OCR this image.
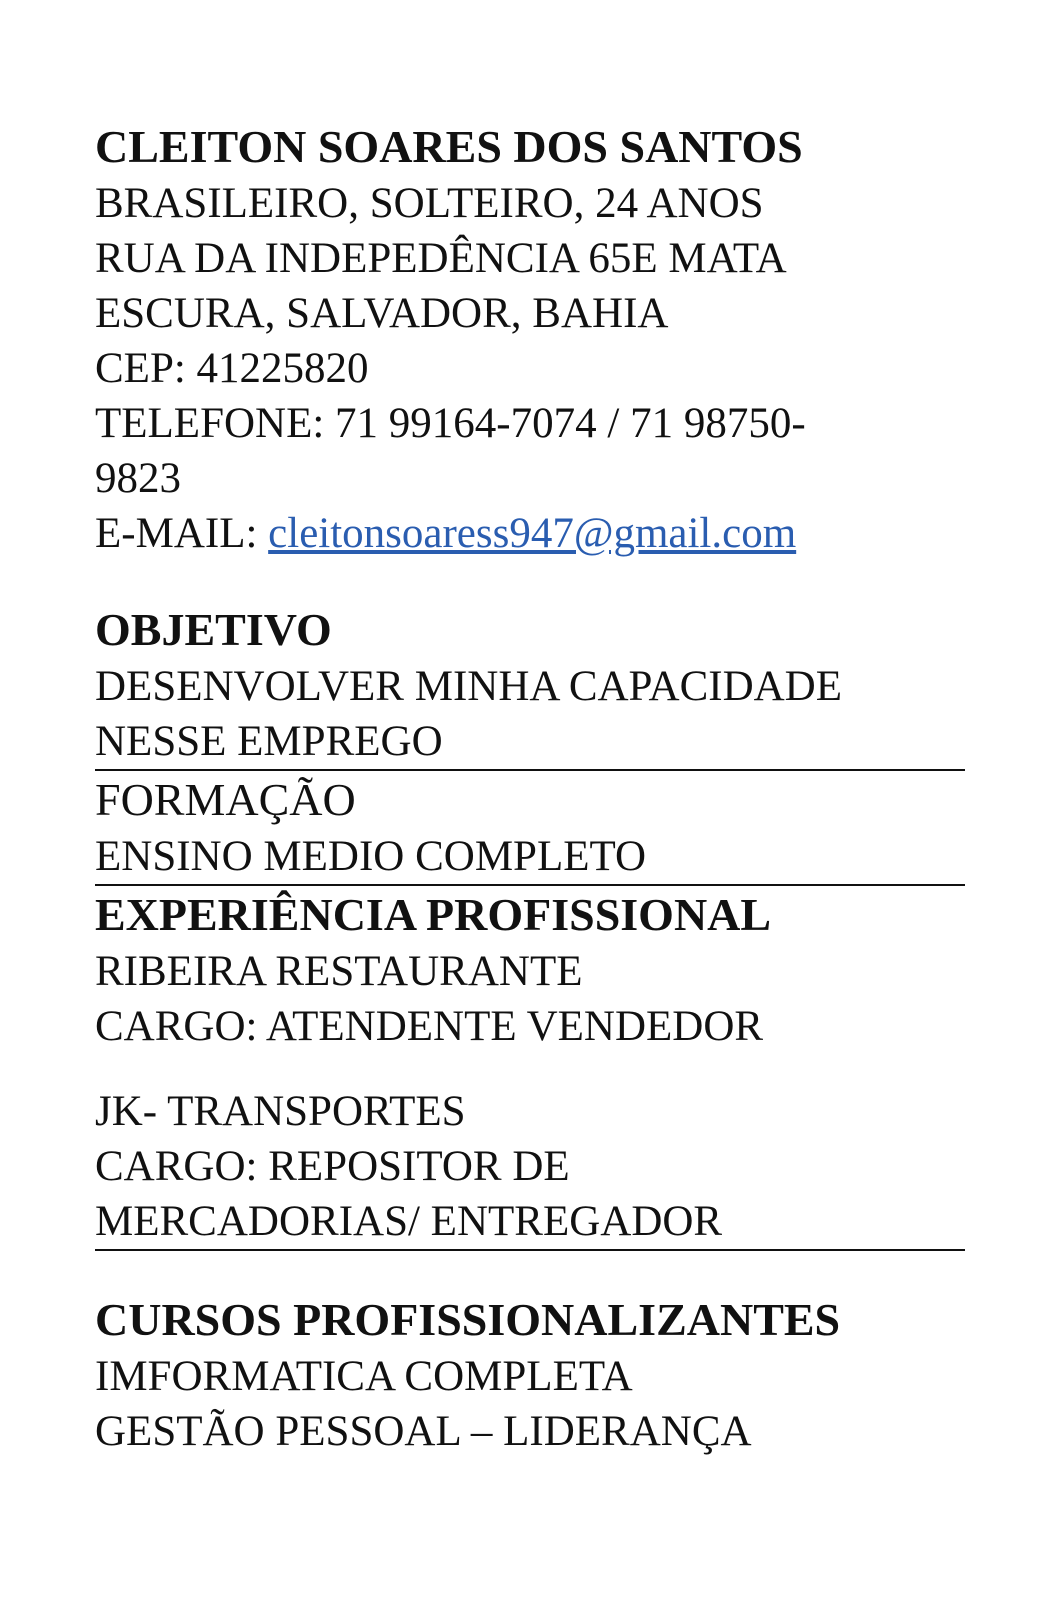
CLEITON SOARES DOS SANTOS

BRASILEIRO, SOLTEIRO, 24 ANOS

RUA DA INDEPEDÊNCIA 65E MATA

ESCURA, SALVADOR, BAHIA

CEP: 41225820

TELEFONE: 71 99164-7074 / 71 98750-

9823

E-MAIL: cleitonsoaress947@gmail.com

OBJETIVO

DESENVOLVER MINHA CAPACIDADE

NESSE EMPREGO

FORMAÇÃO

ENSINO MEDIO COMPLETO

EXPERIÊNCIA PROFISSIONAL

RIBEIRA RESTAURANTE

CARGO: ATENDENTE VENDEDOR

JK- TRANSPORTES

CARGO: REPOSITOR DE

MERCADORIAS/ ENTREGADOR

CURSOS PROFISSIONALIZANTES

IMFORMATICA COMPLETA

GESTÃO PESSOAL – LIDERANÇA
